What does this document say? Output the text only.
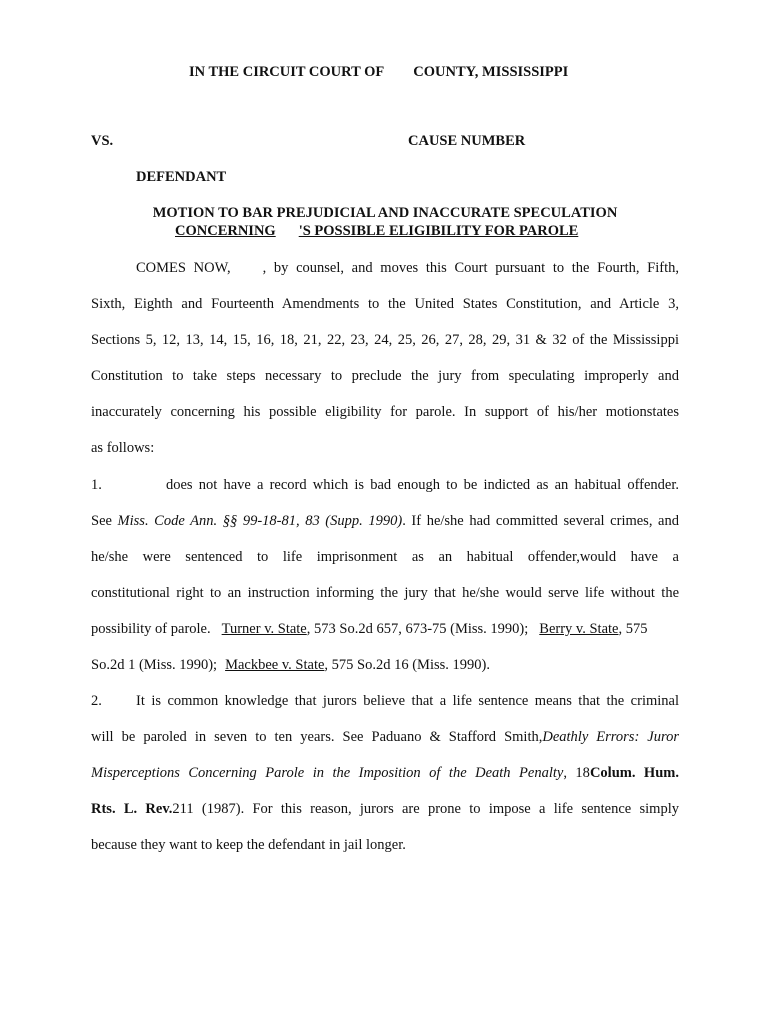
IN THE CIRCUIT COURT OF COUNTY, MISSISSIPPI
VS.	CAUSE NUMBER
DEFENDANT
MOTION TO BAR PREJUDICIAL AND INACCURATE SPECULATION
CONCERNING 'S POSSIBLE ELIGIBILITY FOR PAROLE
COMES NOW, , by counsel, and moves this Court pursuant to the Fourth, Fifth,
Sixth, Eighth and Fourteenth Amendments to the United States Constitution, and Article 3,
Sections 5, 12, 13, 14, 15, 16, 18, 21, 22, 23, 24, 25, 26, 27, 28, 29, 31 & 32 of the Mississippi
Constitution to take steps necessary to preclude the jury from speculating improperly and
inaccurately concerning his possible eligibility for parole. In support of his/her motionstates
as follows:
1.	does not have a record which is bad enough to be indicted as an habitual offender.
See Miss. Code Ann. §§ 99-18-81, 83 (Supp. 1990). If he/she had committed several crimes, and
he/she were sentenced to life imprisonment as an habitual offender,would have a
constitutional right to an instruction informing the jury that he/she would serve life without the
possibility of parole. Turner v. State, 573 So.2d 657, 673-75 (Miss. 1990); Berry v. State, 575
So.2d 1 (Miss. 1990); Mackbee v. State, 575 So.2d 16 (Miss. 1990).
2. It is common knowledge that jurors believe that a life sentence means that the criminal
will be paroled in seven to ten years. See Paduano & Stafford Smith,Deathly Errors: Juror
Misperceptions Concerning Parole in the Imposition of the Death Penalty, 18Colum. Hum.
Rts. L. Rev.211 (1987). For this reason, jurors are prone to impose a life sentence simply
because they want to keep the defendant in jail longer.
